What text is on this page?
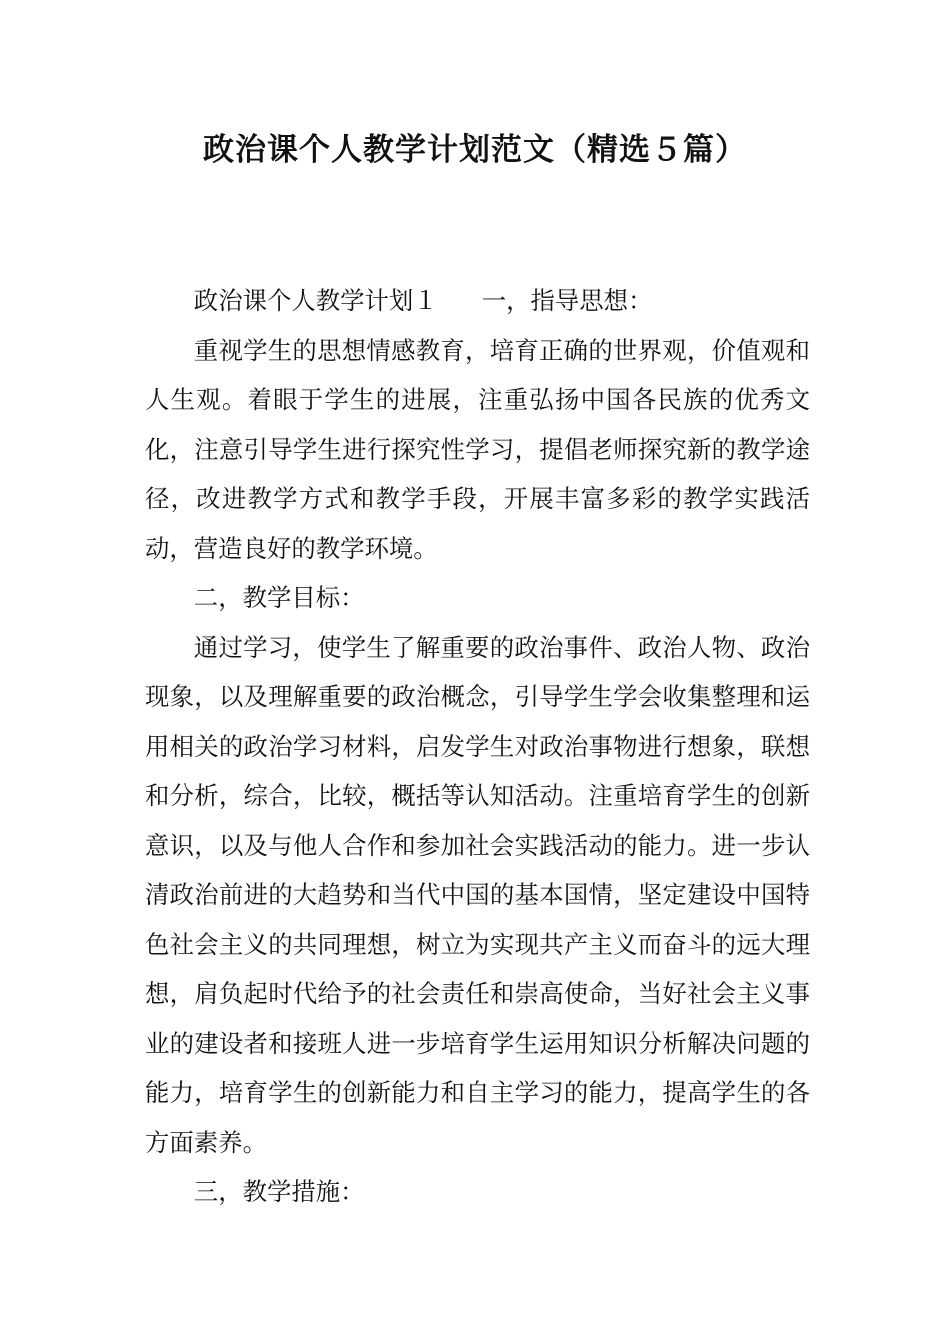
政治课个人教学计划范文（精选５篇）

政治课个人教学计划１ 一，指导思想：

重视学生的思想情感教育，培育正确的世界观，价值观和人生观。着眼于学生的进展，注重弘扬中国各民族的优秀文化，注意引导学生进行探究性学习，提倡老师探究新的教学途径，改进教学方式和教学手段，开展丰富多彩的教学实践活动，营造良好的教学环境。

二，教学目标：

通过学习，使学生了解重要的政治事件、政治人物、政治现象，以及理解重要的政治概念，引导学生学会收集整理和运用相关的政治学习材料，启发学生对政治事物进行想象，联想和分析，综合，比较，概括等认知活动。注重培育学生的创新意识，以及与他人合作和参加社会实践活动的能力。进一步认清政治前进的大趋势和当代中国的基本国情，坚定建设中国特色社会主义的共同理想，树立为实现共产主义而奋斗的远大理想，肩负起时代给予的社会责任和崇高使命，当好社会主义事业的建设者和接班人进一步培育学生运用知识分析解决问题的能力，培育学生的创新能力和自主学习的能力，提高学生的各方面素养。

三，教学措施：
